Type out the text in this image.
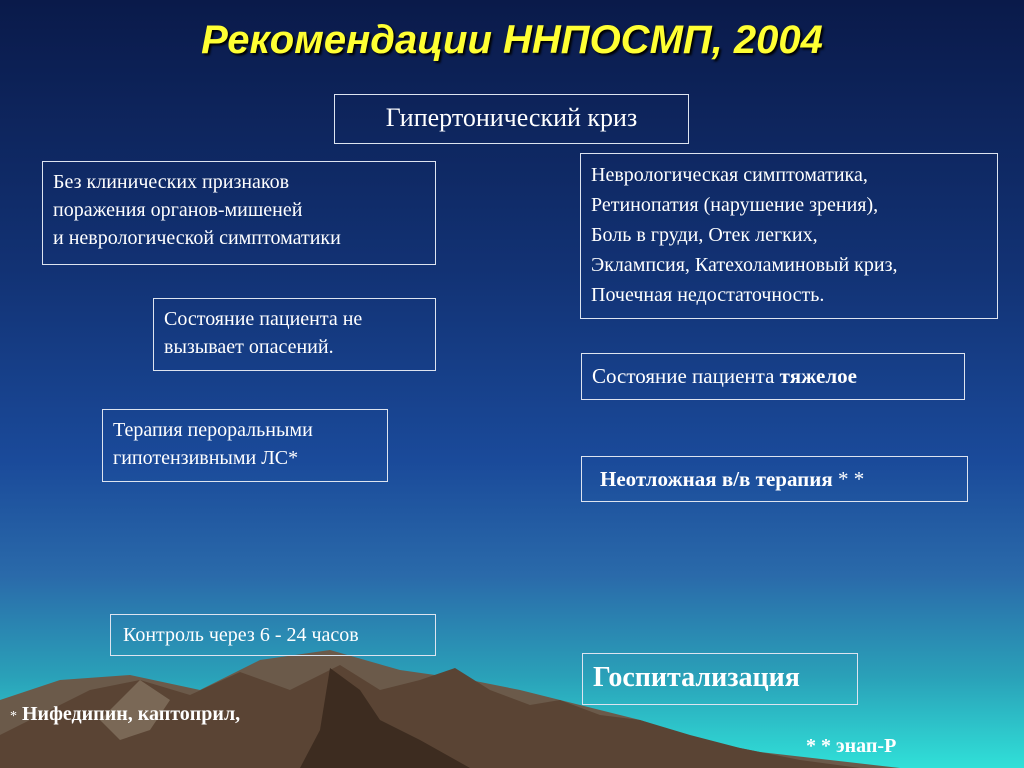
Рекомендации ННПОСМП, 2004
Гипертонический криз
Без клинических признаков
поражения органов-мишеней
и неврологической симптоматики
Неврологическая симптоматика,
Ретинопатия (нарушение зрения),
Боль в груди, Отек легких,
Эклампсия, Катехоламиновый криз,
Почечная недостаточность.
Состояние пациента не
вызывает опасений.
Состояние пациента тяжелое
Терапия пероральными
гипотензивными ЛС*
Неотложная в/в терапия * *
Контроль через 6 - 24 часов
Госпитализация
* Нифедипин, каптоприл,
* * энап-Р
